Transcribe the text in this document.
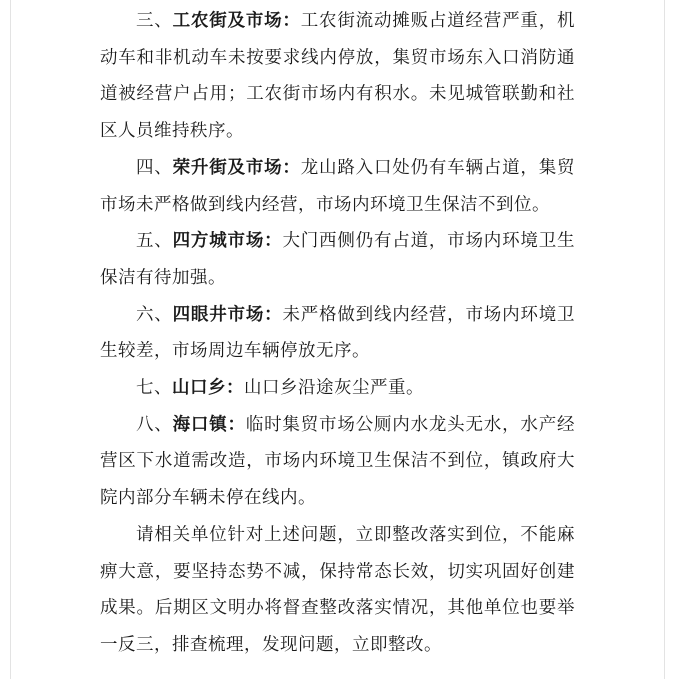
三、工农街及市场：工农街流动摊贩占道经营严重，机动车和非机动车未按要求线内停放，集贸市场东入口消防通道被经营户占用；工农街市场内有积水。未见城管联勤和社区人员维持秩序。

四、荣升街及市场：龙山路入口处仍有车辆占道，集贸市场未严格做到线内经营，市场内环境卫生保洁不到位。

五、四方城市场：大门西侧仍有占道，市场内环境卫生保洁有待加强。

六、四眼井市场：未严格做到线内经营，市场内环境卫生较差，市场周边车辆停放无序。

七、山口乡：山口乡沿途灰尘严重。

八、海口镇：临时集贸市场公厕内水龙头无水，水产经营区下水道需改造，市场内环境卫生保洁不到位，镇政府大院内部分车辆未停在线内。

请相关单位针对上述问题，立即整改落实到位，不能麻痹大意，要坚持态势不减，保持常态长效，切实巩固好创建成果。后期区文明办将督查整改落实情况，其他单位也要举一反三，排查梳理，发现问题，立即整改。
